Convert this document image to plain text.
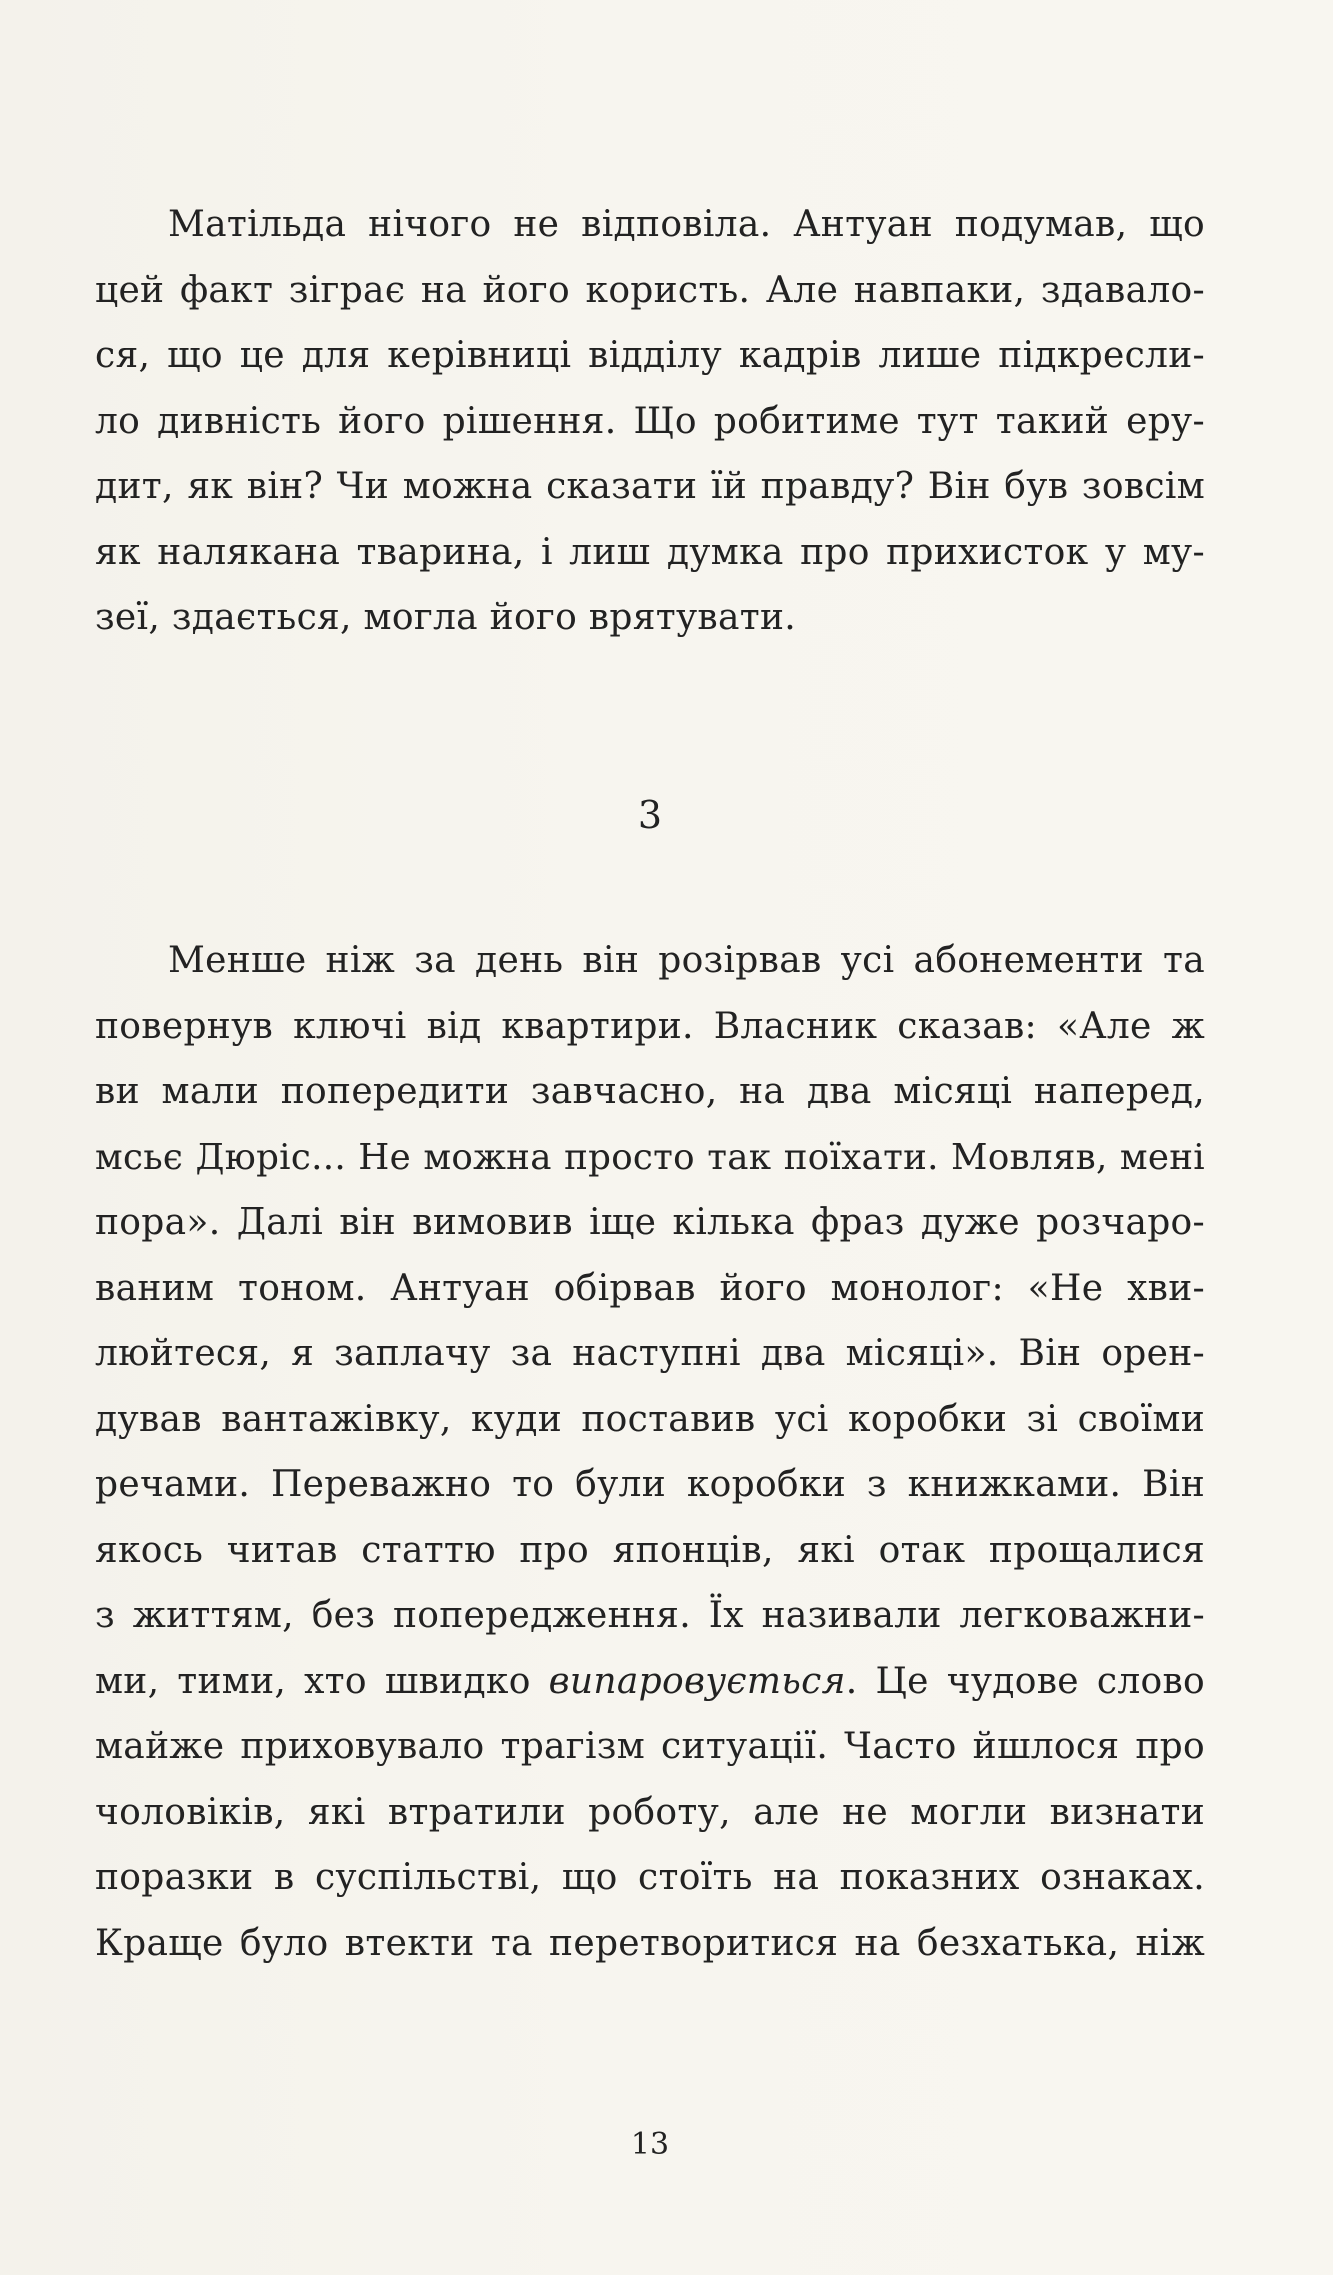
Матільда нічого не відповіла. Антуан подумав, що
цей факт зіграє на його користь. Але навпаки, здавало-
ся, що це для керівниці відділу кадрів лише підкресли-
ло дивність його рішення. Що робитиме тут такий еру-
дит, як він? Чи можна сказати їй правду? Він був зовсім
як налякана тварина, і лиш думка про прихисток у му-
зеї, здається, могла його врятувати.
3
Менше ніж за день він розірвав усі абонементи та
повернув ключі від квартири. Власник сказав: «Але ж
ви мали попередити завчасно, на два місяці наперед,
мсьє Дюріс... Не можна просто так поїхати. Мовляв, мені
пора». Далі він вимовив іще кілька фраз дуже розчаро-
ваним тоном. Антуан обірвав його монолог: «Не хви-
люйтеся, я заплачу за наступні два місяці». Він орен-
дував вантажівку, куди поставив усі коробки зі своїми
речами. Переважно то були коробки з книжками. Він
якось читав статтю про японців, які отак прощалися
з життям, без попередження. Їх називали легковажни-
ми, тими, хто швидко випаровується. Це чудове слово
майже приховувало трагізм ситуації. Часто йшлося про
чоловіків, які втратили роботу, але не могли визнати
поразки в суспільстві, що стоїть на показних ознаках.
Краще було втекти та перетворитися на безхатька, ніж
13
